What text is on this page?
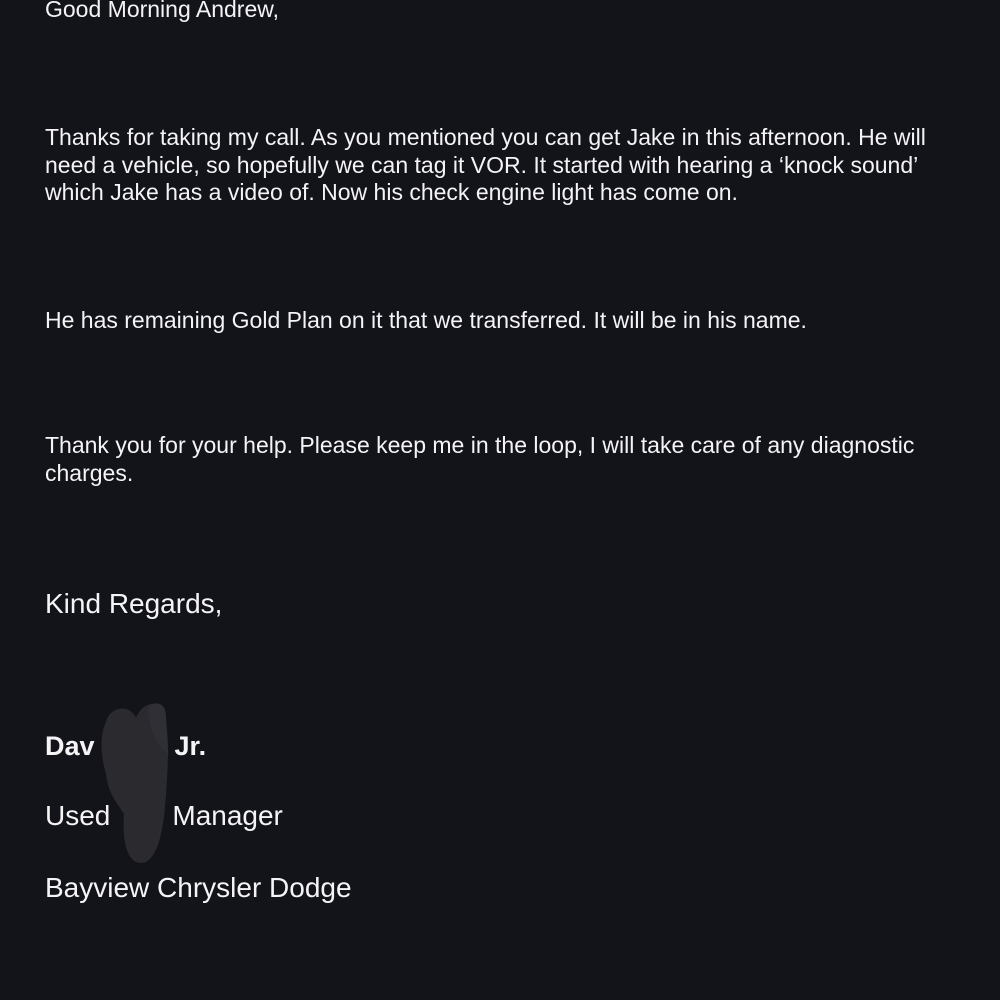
Good Morning Andrew,

Thanks for taking my call. As you mentioned you can get Jake in this afternoon. He will need a vehicle, so hopefully we can tag it VOR. It started with hearing a ‘knock sound’ which Jake has a video of. Now his check engine light has come on.

He has remaining Gold Plan on it that we transferred. It will be in his name.

Thank you for your help. Please keep me in the loop, I will take care of any diagnostic charges.

Kind Regards,

Dav	Jr.

Used Manager

Bayview Chrysler Dodge
